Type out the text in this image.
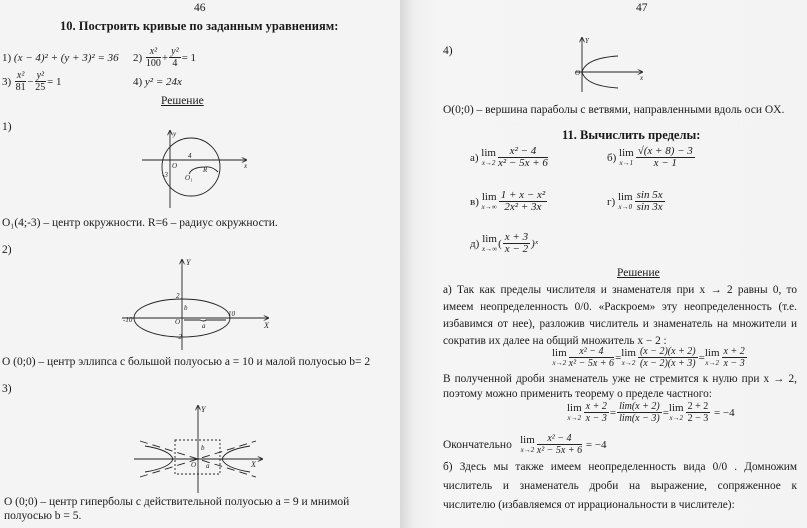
46
10. Построить кривые по заданным уравнениям:
1)
(x − 4)² + (y + 3)² = 36 2)
$\frac{\text{x²}}{100} + \frac{\text{y²}}{4} = 1$
3)
$\frac{\text{x²}}{81} - \frac{\text{y²}}{25} = 1$	4)
y² = 24x
Решение
1)
O₁(4;-3) – центр окружности. R=6 – радиус окружности.
2)
O (0;0) – центр эллипса с большой полуосью a = 10 и малой полуосью b= 2
3)
O (0;0) – центр гиперболы с действительной полуосью a = 9 и мнимой
полуосью b = 5.
y
x
O
4
-3 O₁
R
Y
X
O
b
a
10
-10
2
-2
Y
X
O
b
a
Y
x
O
47
4)
O(0;0) – вершина параболы с ветвями, направленными вдоль оси OX.
11. Вычислить пределы:
а)
lim
$x\to 2 \frac{\text{x² − 4}}{\text{x² − 5x + 6}}$	б)
lim
$x\to 1 \frac{√(x + 8) - 3}{x - 1}$
в)
lim
$x\to\infty \frac{\text{1 + x − x²}}{\text{2x² + 3x}}$	г)
lim
$x\to 0 \frac{\sin 5x}{\sin 3x}$
д)
lim
x→∞ ( $\frac{x + 3}{x - 2}$ )ˣ
Решение
а) Так как пределы числителя и знаменателя при x → 2 равны 0, то имеем неопределенность 0/0. «Раскроем» эту неопределенность (т.е. избавимся от нее), разложив числитель и знаменатель на множители и сократив их далее на общий множитель x − 2 :
lim
$x\to 2 \frac{\text{x² − 4}}{\text{x² − 5x + 6}} = \lim$
$x\to 2 \frac{(x - 2)(x + 2)}{(x - 2)(x + 3)} = \lim$
$x\to 2 \frac{x + 2}{x - 3}$
В полученной дроби знаменатель уже не стремится к нулю при x → 2, поэтому можно применить теорему о пределе частного:
lim
$x\to 2 \frac{x + 2}{x - 3} = \frac{\lim(x + 2)}{\lim(x - 3)} = \lim$
$x\to 2 \frac{2 + 2}{2 - 3}$
= −4
Окончательно
lim
$x\to 2 \frac{\text{x² − 4}}{\text{x² − 5x + 6}}$
= −4
б) Здесь мы также имеем неопределенность вида 0/0 . Домножим числитель и знаменатель дроби на выражение, сопряженное к числителю (избавляемся от иррациональности в числителе):
